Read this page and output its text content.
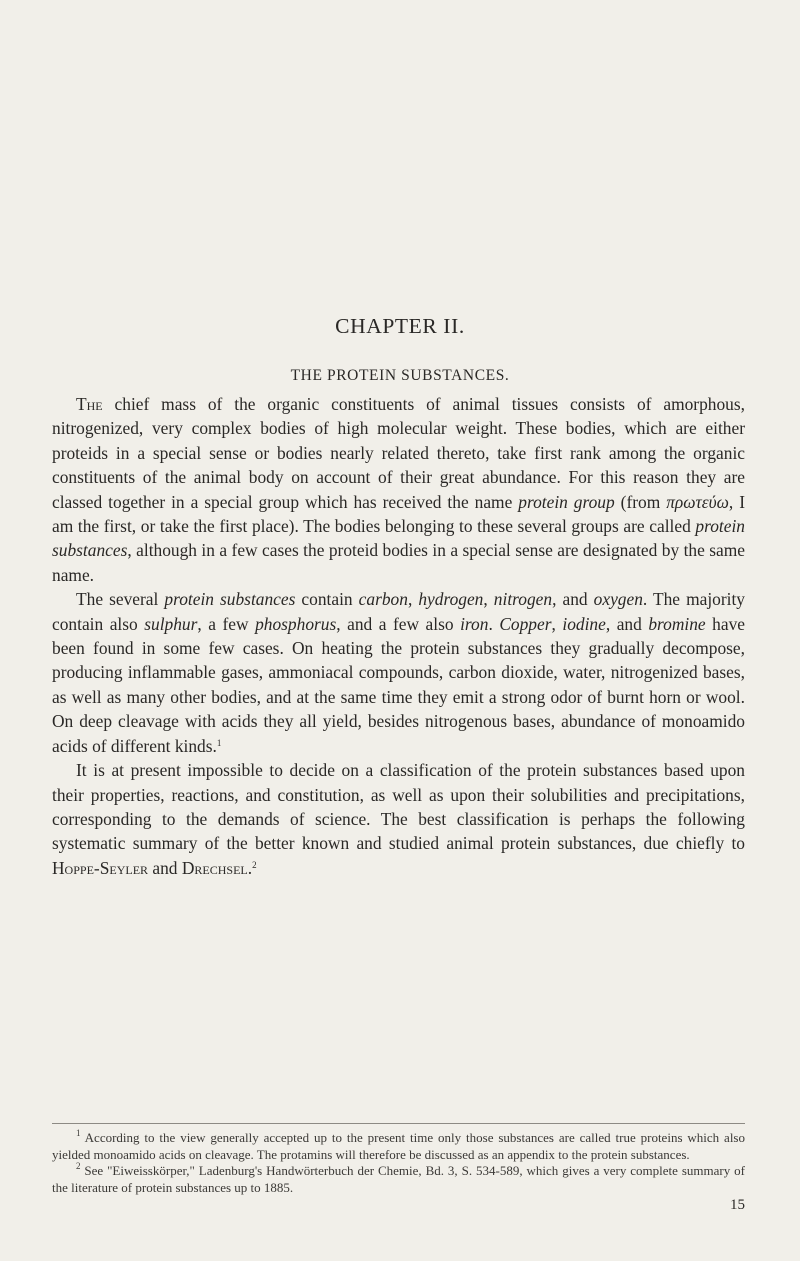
CHAPTER II.
THE PROTEIN SUBSTANCES.

The chief mass of the organic constituents of animal tissues consists of amorphous, nitrogenized, very complex bodies of high molecular weight. These bodies, which are either proteids in a special sense or bodies nearly related thereto, take first rank among the organic constituents of the animal body on account of their great abundance. For this reason they are classed together in a special group which has received the name protein group (from πρωτεύω, I am the first, or take the first place). The bodies belonging to these several groups are called protein substances, although in a few cases the proteid bodies in a special sense are designated by the same name.

The several protein substances contain carbon, hydrogen, nitrogen, and oxygen. The majority contain also sulphur, a few phosphorus, and a few also iron. Copper, iodine, and bromine have been found in some few cases. On heating the protein substances they gradually decompose, producing inflammable gases, ammoniacal compounds, carbon dioxide, water, nitrogenized bases, as well as many other bodies, and at the same time they emit a strong odor of burnt horn or wool. On deep cleavage with acids they all yield, besides nitrogenous bases, abundance of monoamido acids of different kinds.$^1$

It is at present impossible to decide on a classification of the protein substances based upon their properties, reactions, and constitution, as well as upon their solubilities and precipitations, corresponding to the demands of science. The best classification is perhaps the following systematic summary of the better known and studied animal protein substances, due chiefly to Hoppe-Seyler and Drechsel.$^2$

$^1$ According to the view generally accepted up to the present time only those substances are called true proteins which also yielded monoamido acids on cleavage. The protamins will therefore be discussed as an appendix to the protein substances.

$^2$ See "Eiweisskörper," Ladenburg's Handwörterbuch der Chemie, Bd. 3, S. 534-589, which gives a very complete summary of the literature of protein substances up to 1885.

15
